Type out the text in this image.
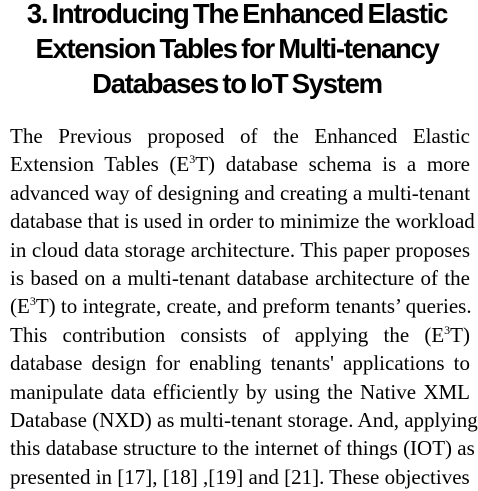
3. Introducing The Enhanced Elastic
Extension Tables for Multi-tenancy
Databases to IoT System
The Previous proposed of the Enhanced Elastic
Extension Tables $(E^3T)$ database schema is a more
advanced way of designing and creating a multi-tenant
database that is used in order to minimize the workload
in cloud data storage architecture. This paper proposes
is based on a multi-tenant database architecture of the
$(E^3T)$ to integrate, create, and preform tenants’ queries.
This contribution consists of applying the $(E^3T)$
database design for enabling tenants' applications to
manipulate data efficiently by using the Native XML
Database (NXD) as multi-tenant storage. And, applying
this database structure to the internet of things (IOT) as
presented in [17], [18] ,[19] and [21]. These objectives
